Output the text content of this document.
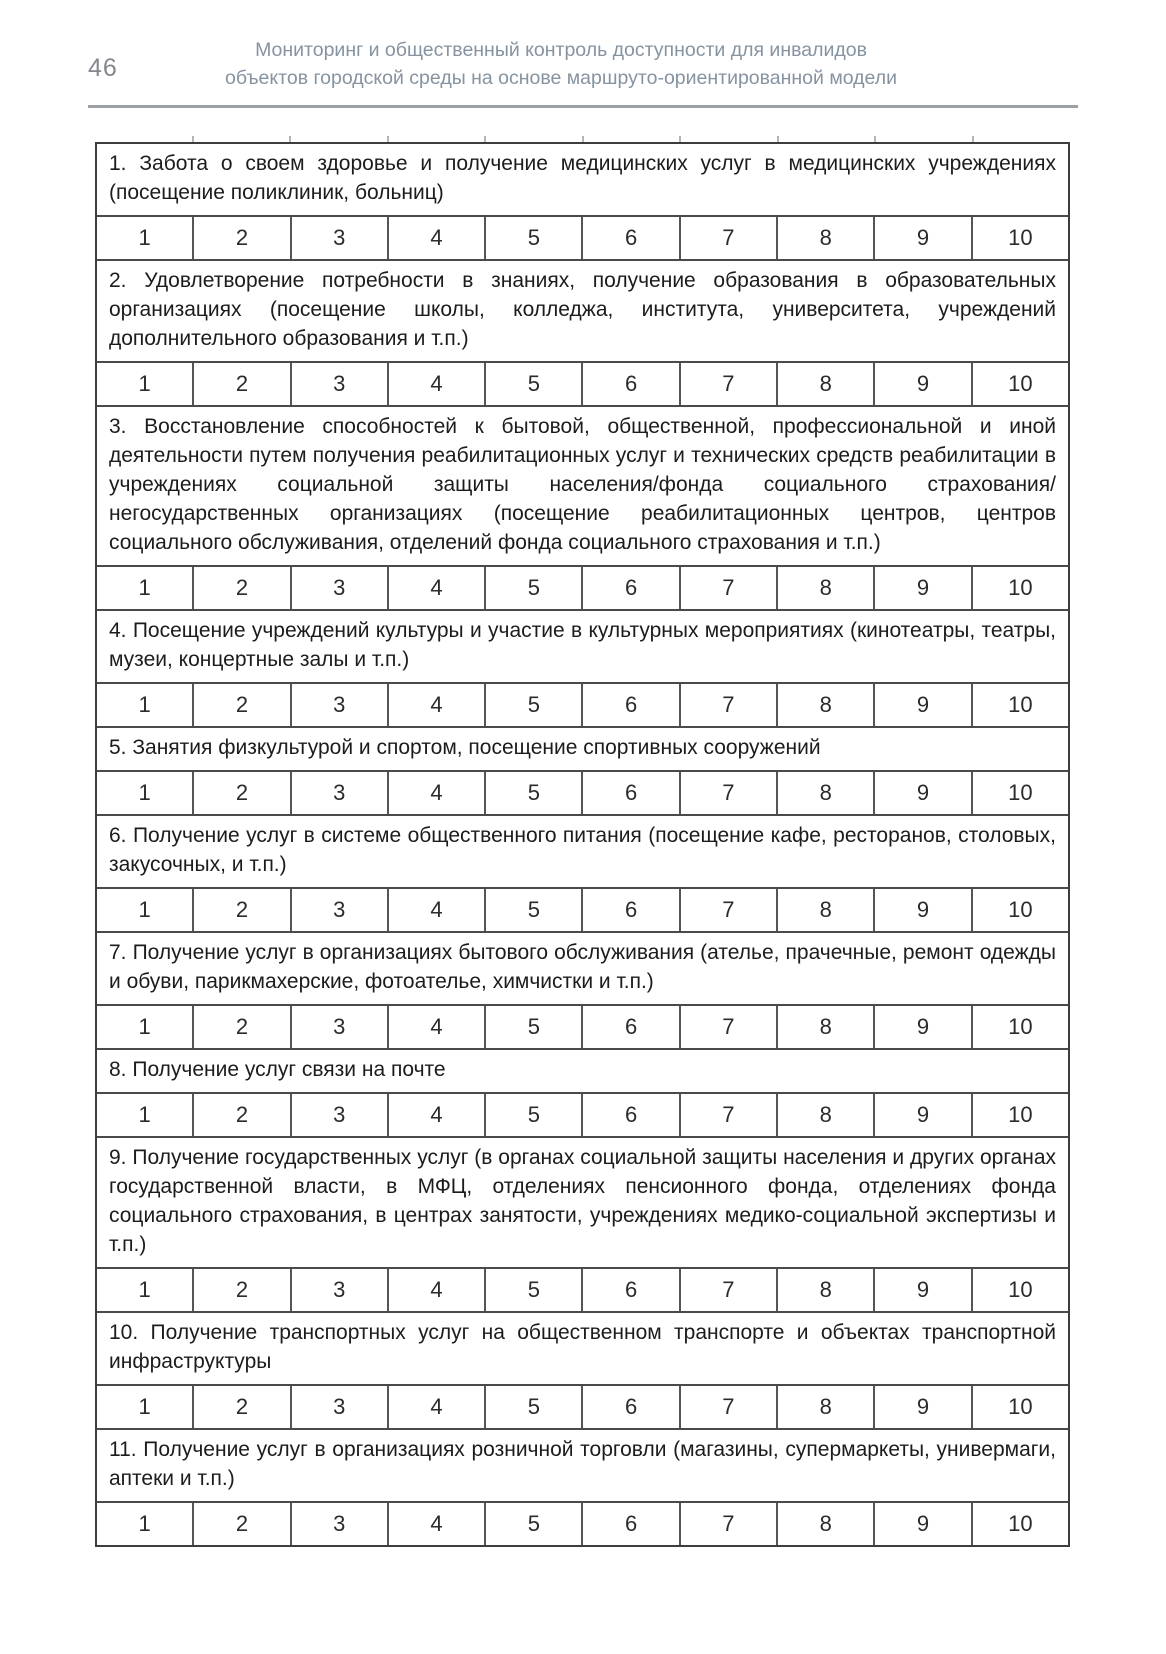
46
Мониторинг и общественный контроль доступности для инвалидов
объектов городской среды на основе маршруто-ориентированной модели
1. Забота о своем здоровье и получение медицинских услуг в медицинских учреждениях (посещение поликлиник, больниц)
1	2	3	4	5	6	7	8	9	10
2. Удовлетворение потребности в знаниях, получение образования в образовательных организациях (посещение школы, колледжа, института, университета, учреждений дополнительного образования и т.п.)
1	2	3	4	5	6	7	8	9	10
3. Восстановление способностей к бытовой, общественной, профессиональной и иной деятельности путем получения реабилитационных услуг и технических средств реабилитации в учреждениях социальной защиты населения/фонда социального страхования/негосударственных организациях (посещение реабилитационных центров, центров социального обслуживания, отделений фонда социального страхования и т.п.)
1	2	3	4	5	6	7	8	9	10
4. Посещение учреждений культуры и участие в культурных мероприятиях (кинотеатры, театры, музеи, концертные залы и т.п.)
1	2	3	4	5	6	7	8	9	10
5. Занятия физкультурой и спортом, посещение спортивных сооружений
1	2	3	4	5	6	7	8	9	10
6. Получение услуг в системе общественного питания (посещение кафе, ресторанов, столовых, закусочных, и т.п.)
1	2	3	4	5	6	7	8	9	10
7. Получение услуг в организациях бытового обслуживания (ателье, прачечные, ремонт одежды и обуви, парикмахерские, фотоателье, химчистки и т.п.)
1	2	3	4	5	6	7	8	9	10
8. Получение услуг связи на почте
1	2	3	4	5	6	7	8	9	10
9. Получение государственных услуг (в органах социальной защиты населения и других органах государственной власти, в МФЦ, отделениях пенсионного фонда, отделениях фонда социального страхования, в центрах занятости, учреждениях медико-социальной экспертизы и т.п.)
1	2	3	4	5	6	7	8	9	10
10. Получение транспортных услуг на общественном транспорте и объектах транспортной инфраструктуры
1	2	3	4	5	6	7	8	9	10
11. Получение услуг в организациях розничной торговли (магазины, супермаркеты, универмаги, аптеки и т.п.)
1	2	3	4	5	6	7	8	9	10
